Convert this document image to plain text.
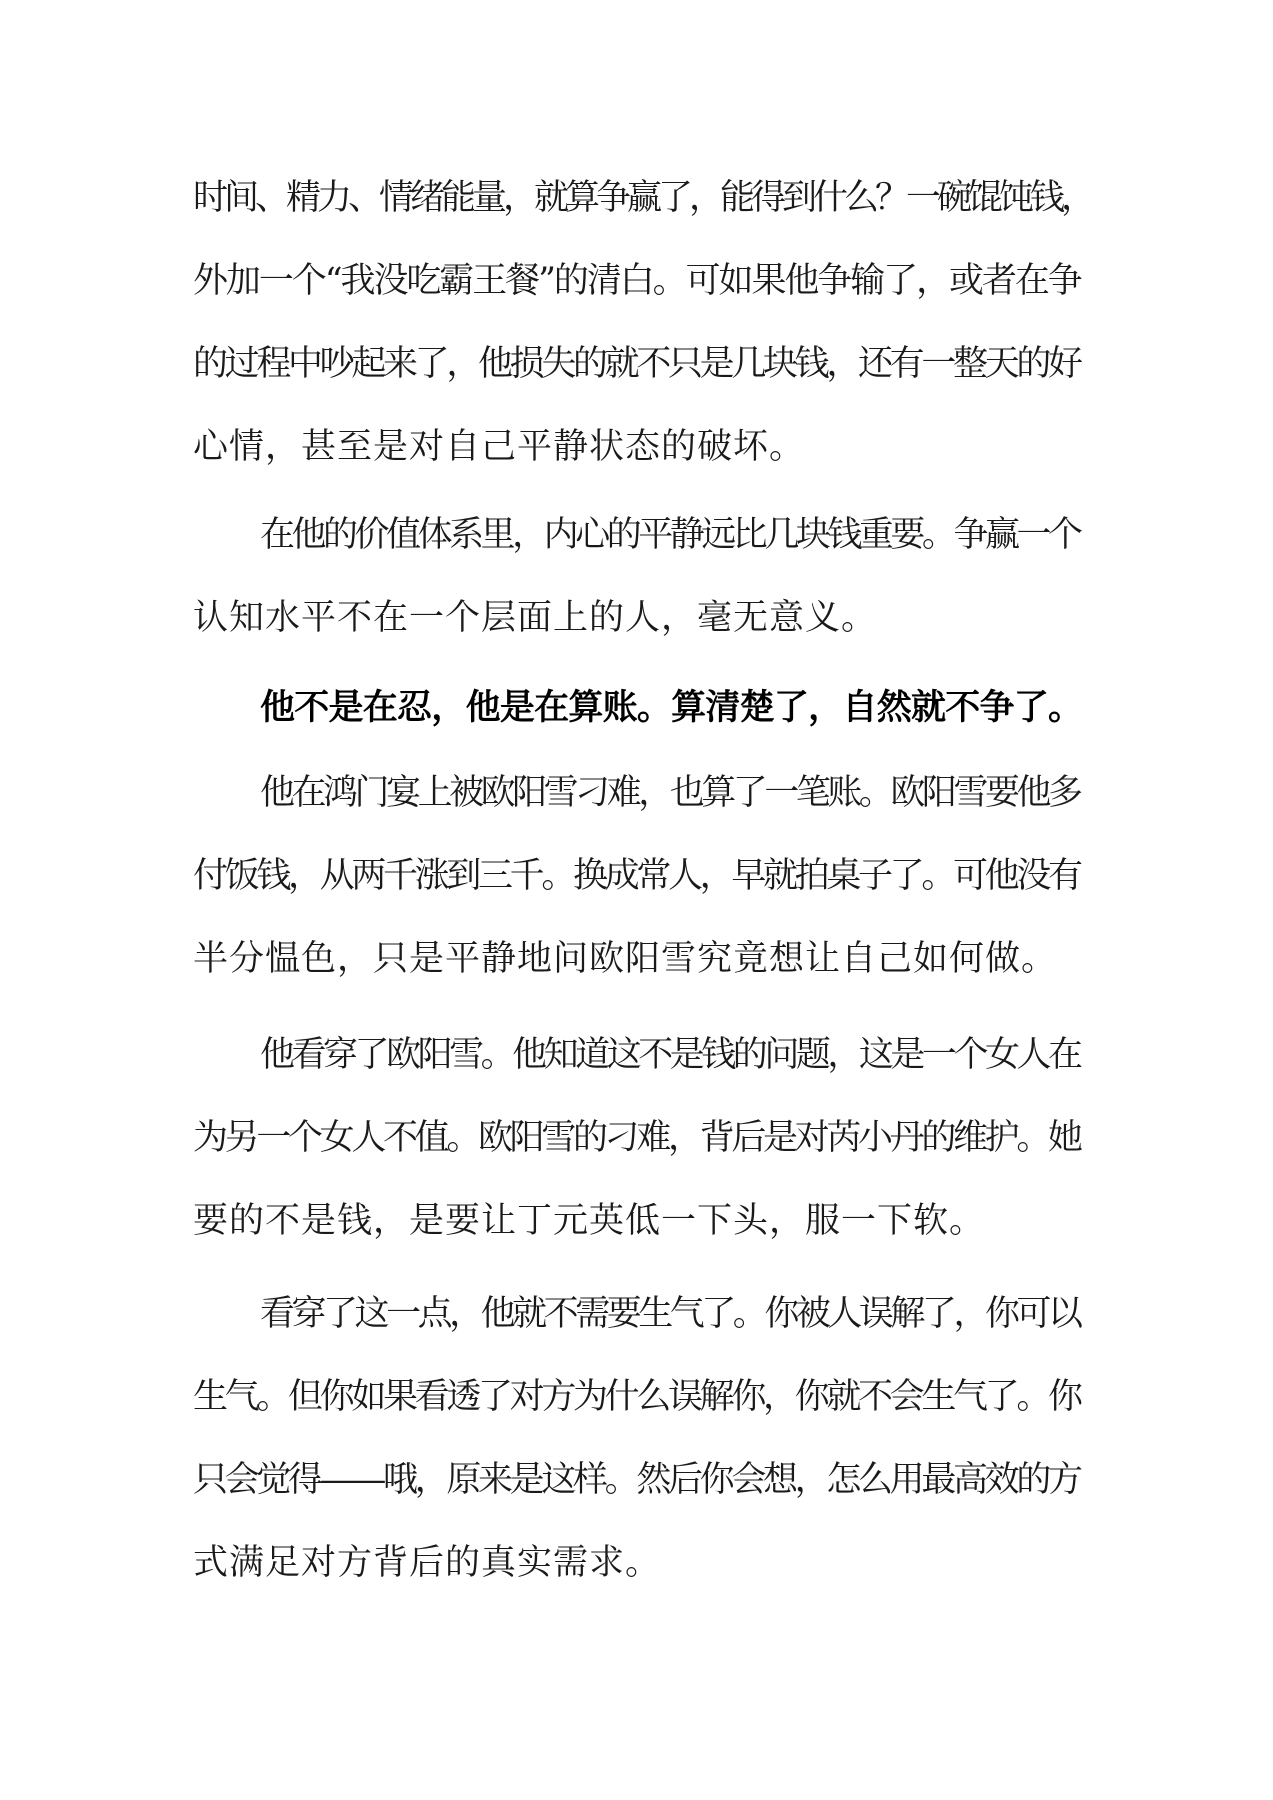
时间、精力、情绪能量，就算争赢了，能得到什么？一碗馄饨钱，
外加一个“我没吃霸王餐”的清白。可如果他争输了，或者在争
的过程中吵起来了，他损失的就不只是几块钱，还有一整天的好
心情，甚至是对自己平静状态的破坏。
在他的价值体系里，内心的平静远比几块钱重要。争赢一个
认知水平不在一个层面上的人，毫无意义。
他不是在忍，他是在算账。算清楚了，自然就不争了。
他在鸿门宴上被欧阳雪刁难，也算了一笔账。欧阳雪要他多
付饭钱，从两千涨到三千。换成常人，早就拍桌子了。可他没有
半分愠色，只是平静地问欧阳雪究竟想让自己如何做。
他看穿了欧阳雪。他知道这不是钱的问题，这是一个女人在
为另一个女人不值。欧阳雪的刁难，背后是对芮小丹的维护。她
要的不是钱，是要让丁元英低一下头，服一下软。
看穿了这一点，他就不需要生气了。你被人误解了，你可以
生气。但你如果看透了对方为什么误解你，你就不会生气了。你
只会觉得——哦，原来是这样。然后你会想，怎么用最高效的方
式满足对方背后的真实需求。
